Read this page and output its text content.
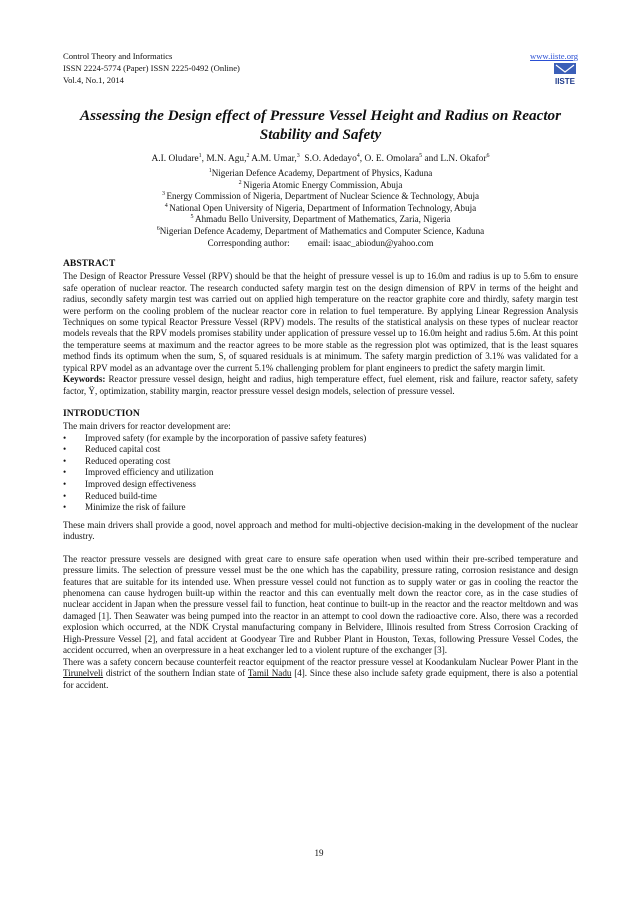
Control Theory and Informatics	www.iiste.org
ISSN 2224-5774 (Paper) ISSN 2225-0492 (Online)
Vol.4, No.1, 2014	IISTE
Assessing the Design effect of Pressure Vessel Height and Radius on Reactor Stability and Safety
A.I. Oludare$^1$, M.N. Agu,$^2$ A.M. Umar,$^3$ S.O. Adedayo$^4$, O. E. Omolara$^5$ and L.N. Okafor$^6$
$^1$Nigerian Defence Academy, Department of Physics, Kaduna
$^2$ Nigeria Atomic Energy Commission, Abuja
$^3$ Energy Commission of Nigeria, Department of Nuclear Science & Technology, Abuja
$^4$ National Open University of Nigeria, Department of Information Technology, Abuja
$^5$ Ahmadu Bello University, Department of Mathematics, Zaria, Nigeria
$^6$Nigerian Defence Academy, Department of Mathematics and Computer Science, Kaduna
Corresponding author:        email: isaac_abiodun@yahoo.com
ABSTRACT

The Design of Reactor Pressure Vessel (RPV) should be that the height of pressure vessel is up to 16.0m and radius is up to 5.6m to ensure safe operation of nuclear reactor. The research conducted safety margin test on the design dimension of RPV in terms of the height and radius, secondly safety margin test was carried out on applied high temperature on the reactor graphite core and thirdly, safety margin test were perform on the cooling problem of the nuclear reactor core in relation to fuel temperature. By applying Linear Regression Analysis Techniques on some typical Reactor Pressure Vessel (RPV) models. The results of the statistical analysis on these types of nuclear reactor models reveals that the RPV models promises stability under application of pressure vessel up to 16.0m height and radius 5.6m. At this point the temperature seems at maximum and the reactor agrees to be more stable as the regression plot was optimized, that is the least squares method finds its optimum when the sum, S, of squared residuals is at minimum. The safety margin prediction of 3.1% was validated for a typical RPV model as an advantage over the current 5.1% challenging problem for plant engineers to predict the safety margin limit.

Keywords: Reactor pressure vessel design, height and radius, high temperature effect, fuel element, risk and failure, reactor safety, safety factor, Ÿ, optimization, stability margin, reactor pressure vessel design models, selection of pressure vessel.

INTRODUCTION

The main drivers for reactor development are:

•	Improved safety (for example by the incorporation of passive safety features)
•	Reduced capital cost
•	Reduced operating cost
•	Improved efficiency and utilization
•	Improved design effectiveness
•	Reduced build-time
•	Minimize the risk of failure

These main drivers shall provide a good, novel approach and method for multi-objective decision-making in the development of the nuclear industry.

The reactor pressure vessels are designed with great care to ensure safe operation when used within their pre-scribed temperature and pressure limits. The selection of pressure vessel must be the one which has the capability, pressure rating, corrosion resistance and design features that are suitable for its intended use. When pressure vessel could not function as to supply water or gas in cooling the reactor the phenomena can cause hydrogen built-up within the reactor and this can eventually melt down the reactor core, as in the case studies of nuclear accident in Japan when the pressure vessel fail to function, heat continue to built-up in the reactor and the reactor meltdown and was damaged [1]. Then Seawater was being pumped into the reactor in an attempt to cool down the radioactive core. Also, there was a recorded explosion which occurred, at the NDK Crystal manufacturing company in Belvidere, Illinois resulted from Stress Corrosion Cracking of High-Pressure Vessel [2], and fatal accident at Goodyear Tire and Rubber Plant in Houston, Texas, following Pressure Vessel Codes, the accident occurred, when an overpressure in a heat exchanger led to a violent rupture of the exchanger [3].

There was a safety concern because counterfeit reactor equipment of the reactor pressure vessel at Koodankulam Nuclear Power Plant in the Tirunelveli district of the southern Indian state of Tamil Nadu [4]. Since these also include safety grade equipment, there is also a potential for accident.

19
